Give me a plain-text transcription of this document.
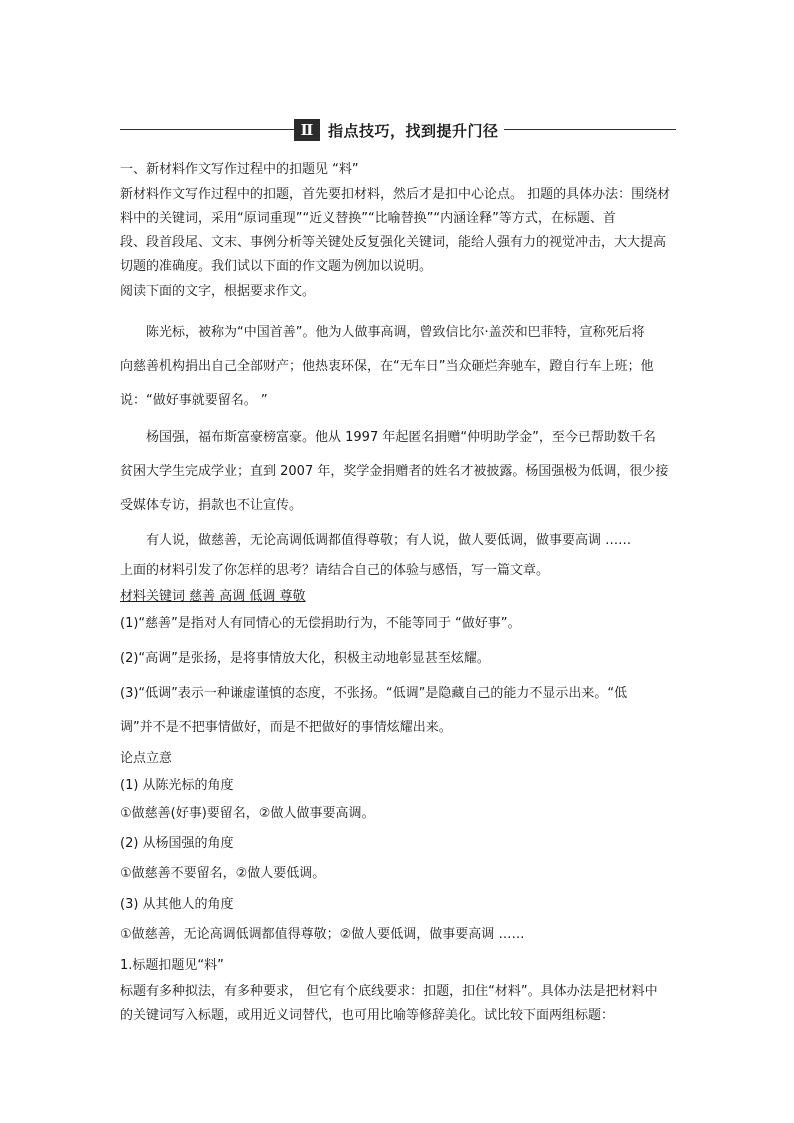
Ⅱ 指点技巧，找到提升门径
一、新材料作文写作过程中的扣题见 “料”
新材料作文写作过程中的扣题，首先要扣材料，然后才是扣中心论点。 扣题的具体办法：围绕材
料中的关键词，采用“原词重现”“近义替换”“比喻替换”“内涵诠释”等方式，在标题、首
段、段首段尾、文末、事例分析等关键处反复强化关键词，能给人强有力的视觉冲击，大大提高
切题的准确度。我们试以下面的作文题为例加以说明。
阅读下面的文字，根据要求作文。
陈光标，被称为“中国首善”。他为人做事高调，曾致信比尔·盖茨和巴菲特，宣称死后将
向慈善机构捐出自己全部财产；他热衷环保，在“无车日”当众砸烂奔驰车，蹬自行车上班；他
说：“做好事就要留名。 ”
杨国强，福布斯富豪榜富豪。他从 1997 年起匿名捐赠“仲明助学金”，至今已帮助数千名
贫困大学生完成学业；直到 2007 年，奖学金捐赠者的姓名才被披露。杨国强极为低调，很少接
受媒体专访，捐款也不让宣传。
有人说，做慈善，无论高调低调都值得尊敬；有人说，做人要低调，做事要高调 ……
上面的材料引发了你怎样的思考？请结合自己的体验与感悟，写一篇文章。
材料关键词 慈善 高调 低调 尊敬
(1)“慈善”是指对人有同情心的无偿捐助行为，不能等同于 “做好事”。
(2)“高调”是张扬，是将事情放大化，积极主动地彰显甚至炫耀。
(3)“低调”表示一种谦虚谨慎的态度，不张扬。“低调”是隐藏自己的能力不显示出来。“低
调”并不是不把事情做好，而是不把做好的事情炫耀出来。
论点立意
(1) 从陈光标的角度
①做慈善(好事)要留名，②做人做事要高调。
(2) 从杨国强的角度
①做慈善不要留名，②做人要低调。
(3) 从其他人的角度
①做慈善，无论高调低调都值得尊敬；②做人要低调，做事要高调 ……
1.标题扣题见“料”
标题有多种拟法，有多种要求， 但它有个底线要求：扣题，扣住“材料”。具体办法是把材料中
的关键词写入标题，或用近义词替代，也可用比喻等修辞美化。试比较下面两组标题：
